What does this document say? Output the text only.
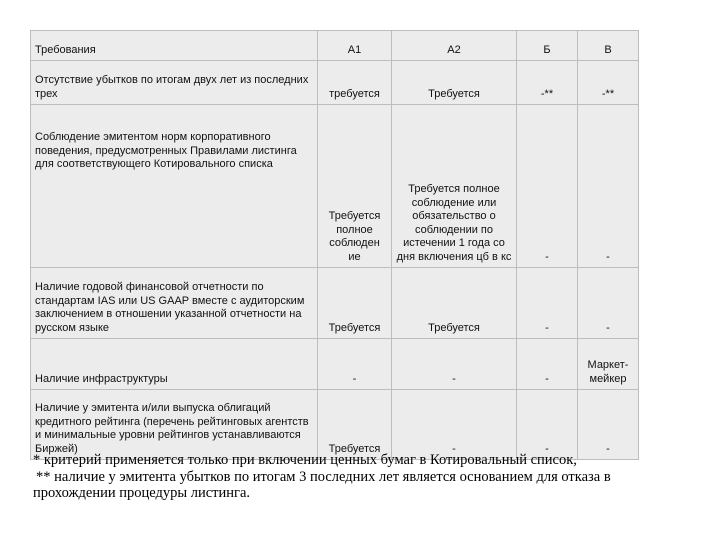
Требования	А1	А2	Б	В
Отсутствие убытков по итогам двух лет из последних трех	требуется	Требуется	-**	-**
Соблюдение эмитентом норм корпоративного поведения, предусмотренных Правилами листинга для соответствующего Котировального списка	Требуется полное соблюден ие	Требуется полное соблюдение или обязательство о соблюдении по истечении 1 года со дня включения цб в кс	-	-
Наличие годовой финансовой отчетности по стандартам IAS или US GAAP вместе с аудиторским заключением в отношении указанной отчетности на русском языке	Требуется	Требуется	-	-
Наличие инфраструктуры	-	-	-	Маркет-мейкер
Наличие у эмитента и/или выпуска облигаций кредитного рейтинга (перечень рейтинговых агентств и минимальные уровни рейтингов устанавливаются Биржей)	Требуется	-	-	-
* критерий применяется только при включении ценных бумаг в Котировальный список,
** наличие у эмитента убытков по итогам 3 последних лет является основанием для отказа в прохождении процедуры листинга.
